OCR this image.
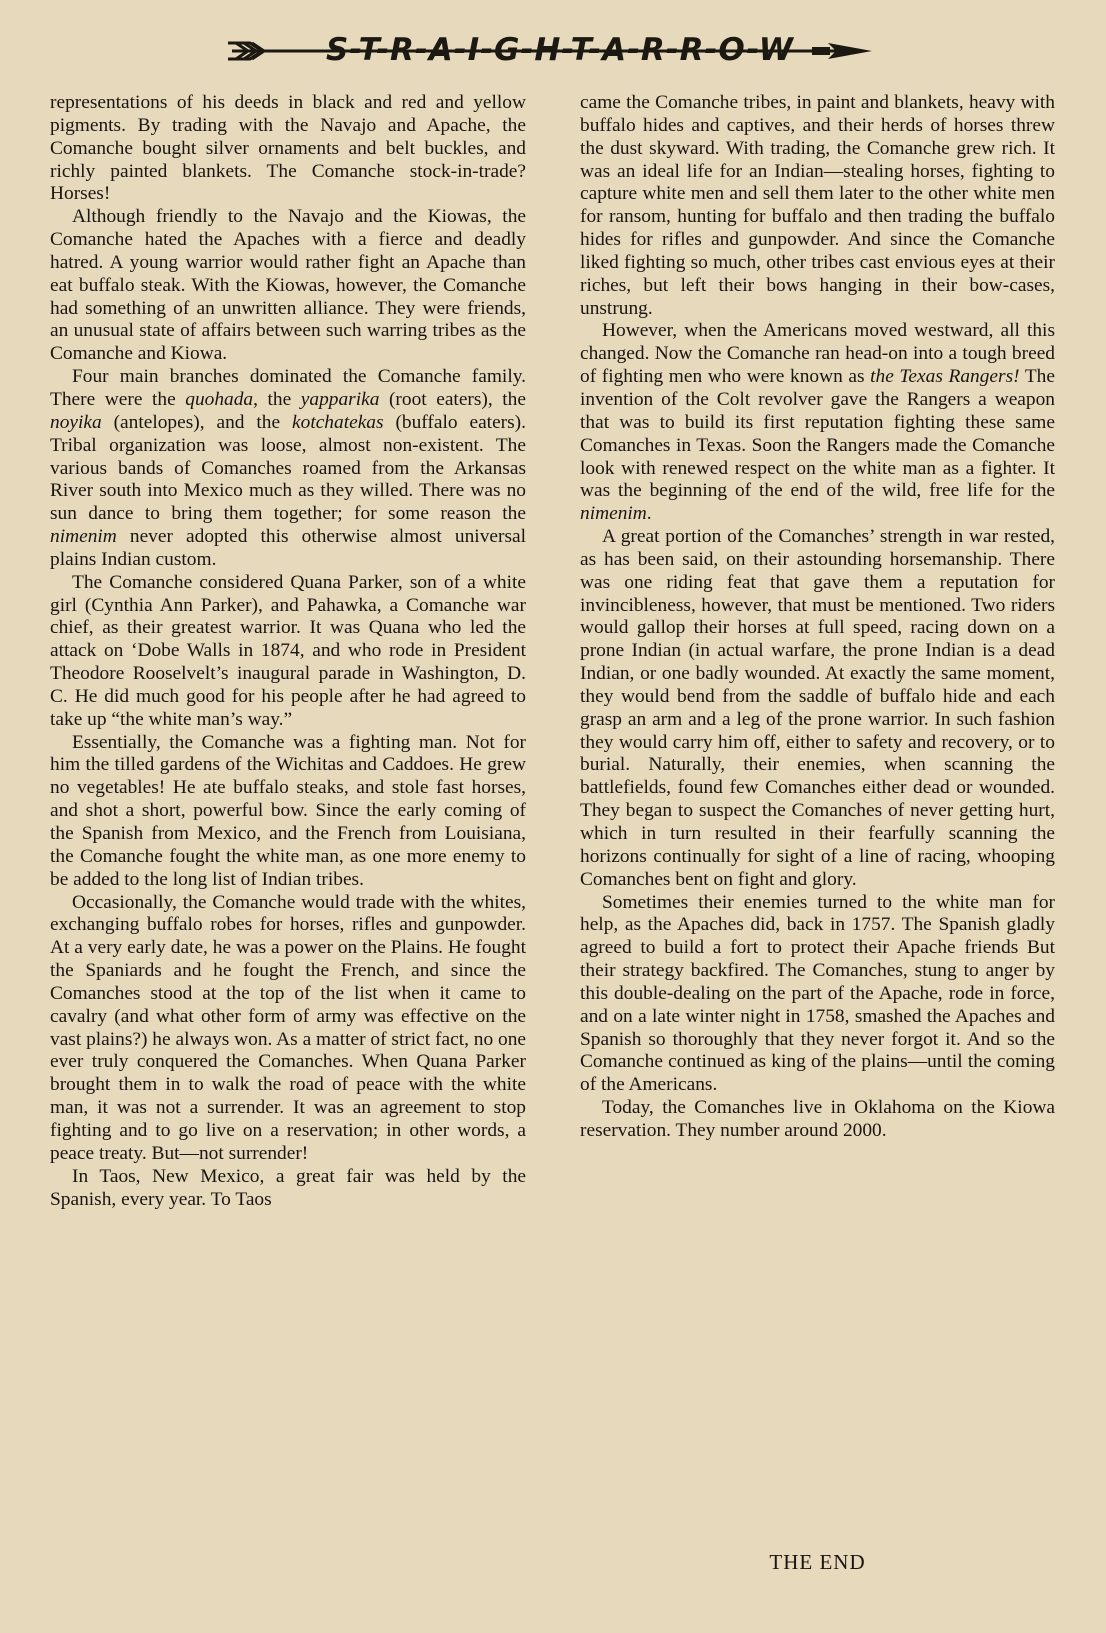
S-T-R-A-I-G-H-T-A-R-R-O-W

representations of his deeds in black and red and yellow pigments. By trading with the Navajo and Apache, the Comanche bought silver ornaments and belt buckles, and richly painted blankets. The Comanche stock-in-trade? Horses!

Although friendly to the Navajo and the Kiowas, the Comanche hated the Apaches with a fierce and deadly hatred. A young warrior would rather fight an Apache than eat buffalo steak. With the Kiowas, however, the Comanche had something of an unwritten alliance. They were friends, an unusual state of affairs between such warring tribes as the Comanche and Kiowa.

Four main branches dominated the Comanche family. There were the quohada, the yapparika (root eaters), the noyika (antelopes), and the kotchatekas (buffalo eaters). Tribal organization was loose, almost non-existent. The various bands of Comanches roamed from the Arkansas River south into Mexico much as they willed. There was no sun dance to bring them together; for some reason the nimenim never adopted this otherwise almost universal plains Indian custom.

The Comanche considered Quana Parker, son of a white girl (Cynthia Ann Parker), and Pahawka, a Comanche war chief, as their greatest warrior. It was Quana who led the attack on ‘Dobe Walls in 1874, and who rode in President Theodore Rooselvelt’s inaugural parade in Washington, D. C. He did much good for his people after he had agreed to take up “the white man’s way.”

Essentially, the Comanche was a fighting man. Not for him the tilled gardens of the Wichitas and Caddoes. He grew no vegetables! He ate buffalo steaks, and stole fast horses, and shot a short, powerful bow. Since the early coming of the Spanish from Mexico, and the French from Louisiana, the Comanche fought the white man, as one more enemy to be added to the long list of Indian tribes.

Occasionally, the Comanche would trade with the whites, exchanging buffalo robes for horses, rifles and gunpowder. At a very early date, he was a power on the Plains. He fought the Spaniards and he fought the French, and since the Comanches stood at the top of the list when it came to cavalry (and what other form of army was effective on the vast plains?) he always won. As a matter of strict fact, no one ever truly conquered the Comanches. When Quana Parker brought them in to walk the road of peace with the white man, it was not a surrender. It was an agreement to stop fighting and to go live on a reservation; in other words, a peace treaty. But—not surrender!

In Taos, New Mexico, a great fair was held by the Spanish, every year. To Taos

came the Comanche tribes, in paint and blankets, heavy with buffalo hides and captives, and their herds of horses threw the dust skyward. With trading, the Comanche grew rich. It was an ideal life for an Indian—stealing horses, fighting to capture white men and sell them later to the other white men for ransom, hunting for buffalo and then trading the buffalo hides for rifles and gunpowder. And since the Comanche liked fighting so much, other tribes cast envious eyes at their riches, but left their bows hanging in their bow-cases, unstrung.

However, when the Americans moved westward, all this changed. Now the Comanche ran head-on into a tough breed of fighting men who were known as the Texas Rangers! The invention of the Colt revolver gave the Rangers a weapon that was to build its first reputation fighting these same Comanches in Texas. Soon the Rangers made the Comanche look with renewed respect on the white man as a fighter. It was the beginning of the end of the wild, free life for the nimenim.

A great portion of the Comanches’ strength in war rested, as has been said, on their astounding horsemanship. There was one riding feat that gave them a reputation for invincibleness, however, that must be mentioned. Two riders would gallop their horses at full speed, racing down on a prone Indian (in actual warfare, the prone Indian is a dead Indian, or one badly wounded. At exactly the same moment, they would bend from the saddle of buffalo hide and each grasp an arm and a leg of the prone warrior. In such fashion they would carry him off, either to safety and recovery, or to burial. Naturally, their enemies, when scanning the battlefields, found few Comanches either dead or wounded. They began to suspect the Comanches of never getting hurt, which in turn resulted in their fearfully scanning the horizons continually for sight of a line of racing, whooping Comanches bent on fight and glory.

Sometimes their enemies turned to the white man for help, as the Apaches did, back in 1757. The Spanish gladly agreed to build a fort to protect their Apache friends But their strategy backfired. The Comanches, stung to anger by this double-dealing on the part of the Apache, rode in force, and on a late winter night in 1758, smashed the Apaches and Spanish so thoroughly that they never forgot it. And so the Comanche continued as king of the plains—until the coming of the Americans.

Today, the Comanches live in Oklahoma on the Kiowa reservation. They number around 2000.

THE END
